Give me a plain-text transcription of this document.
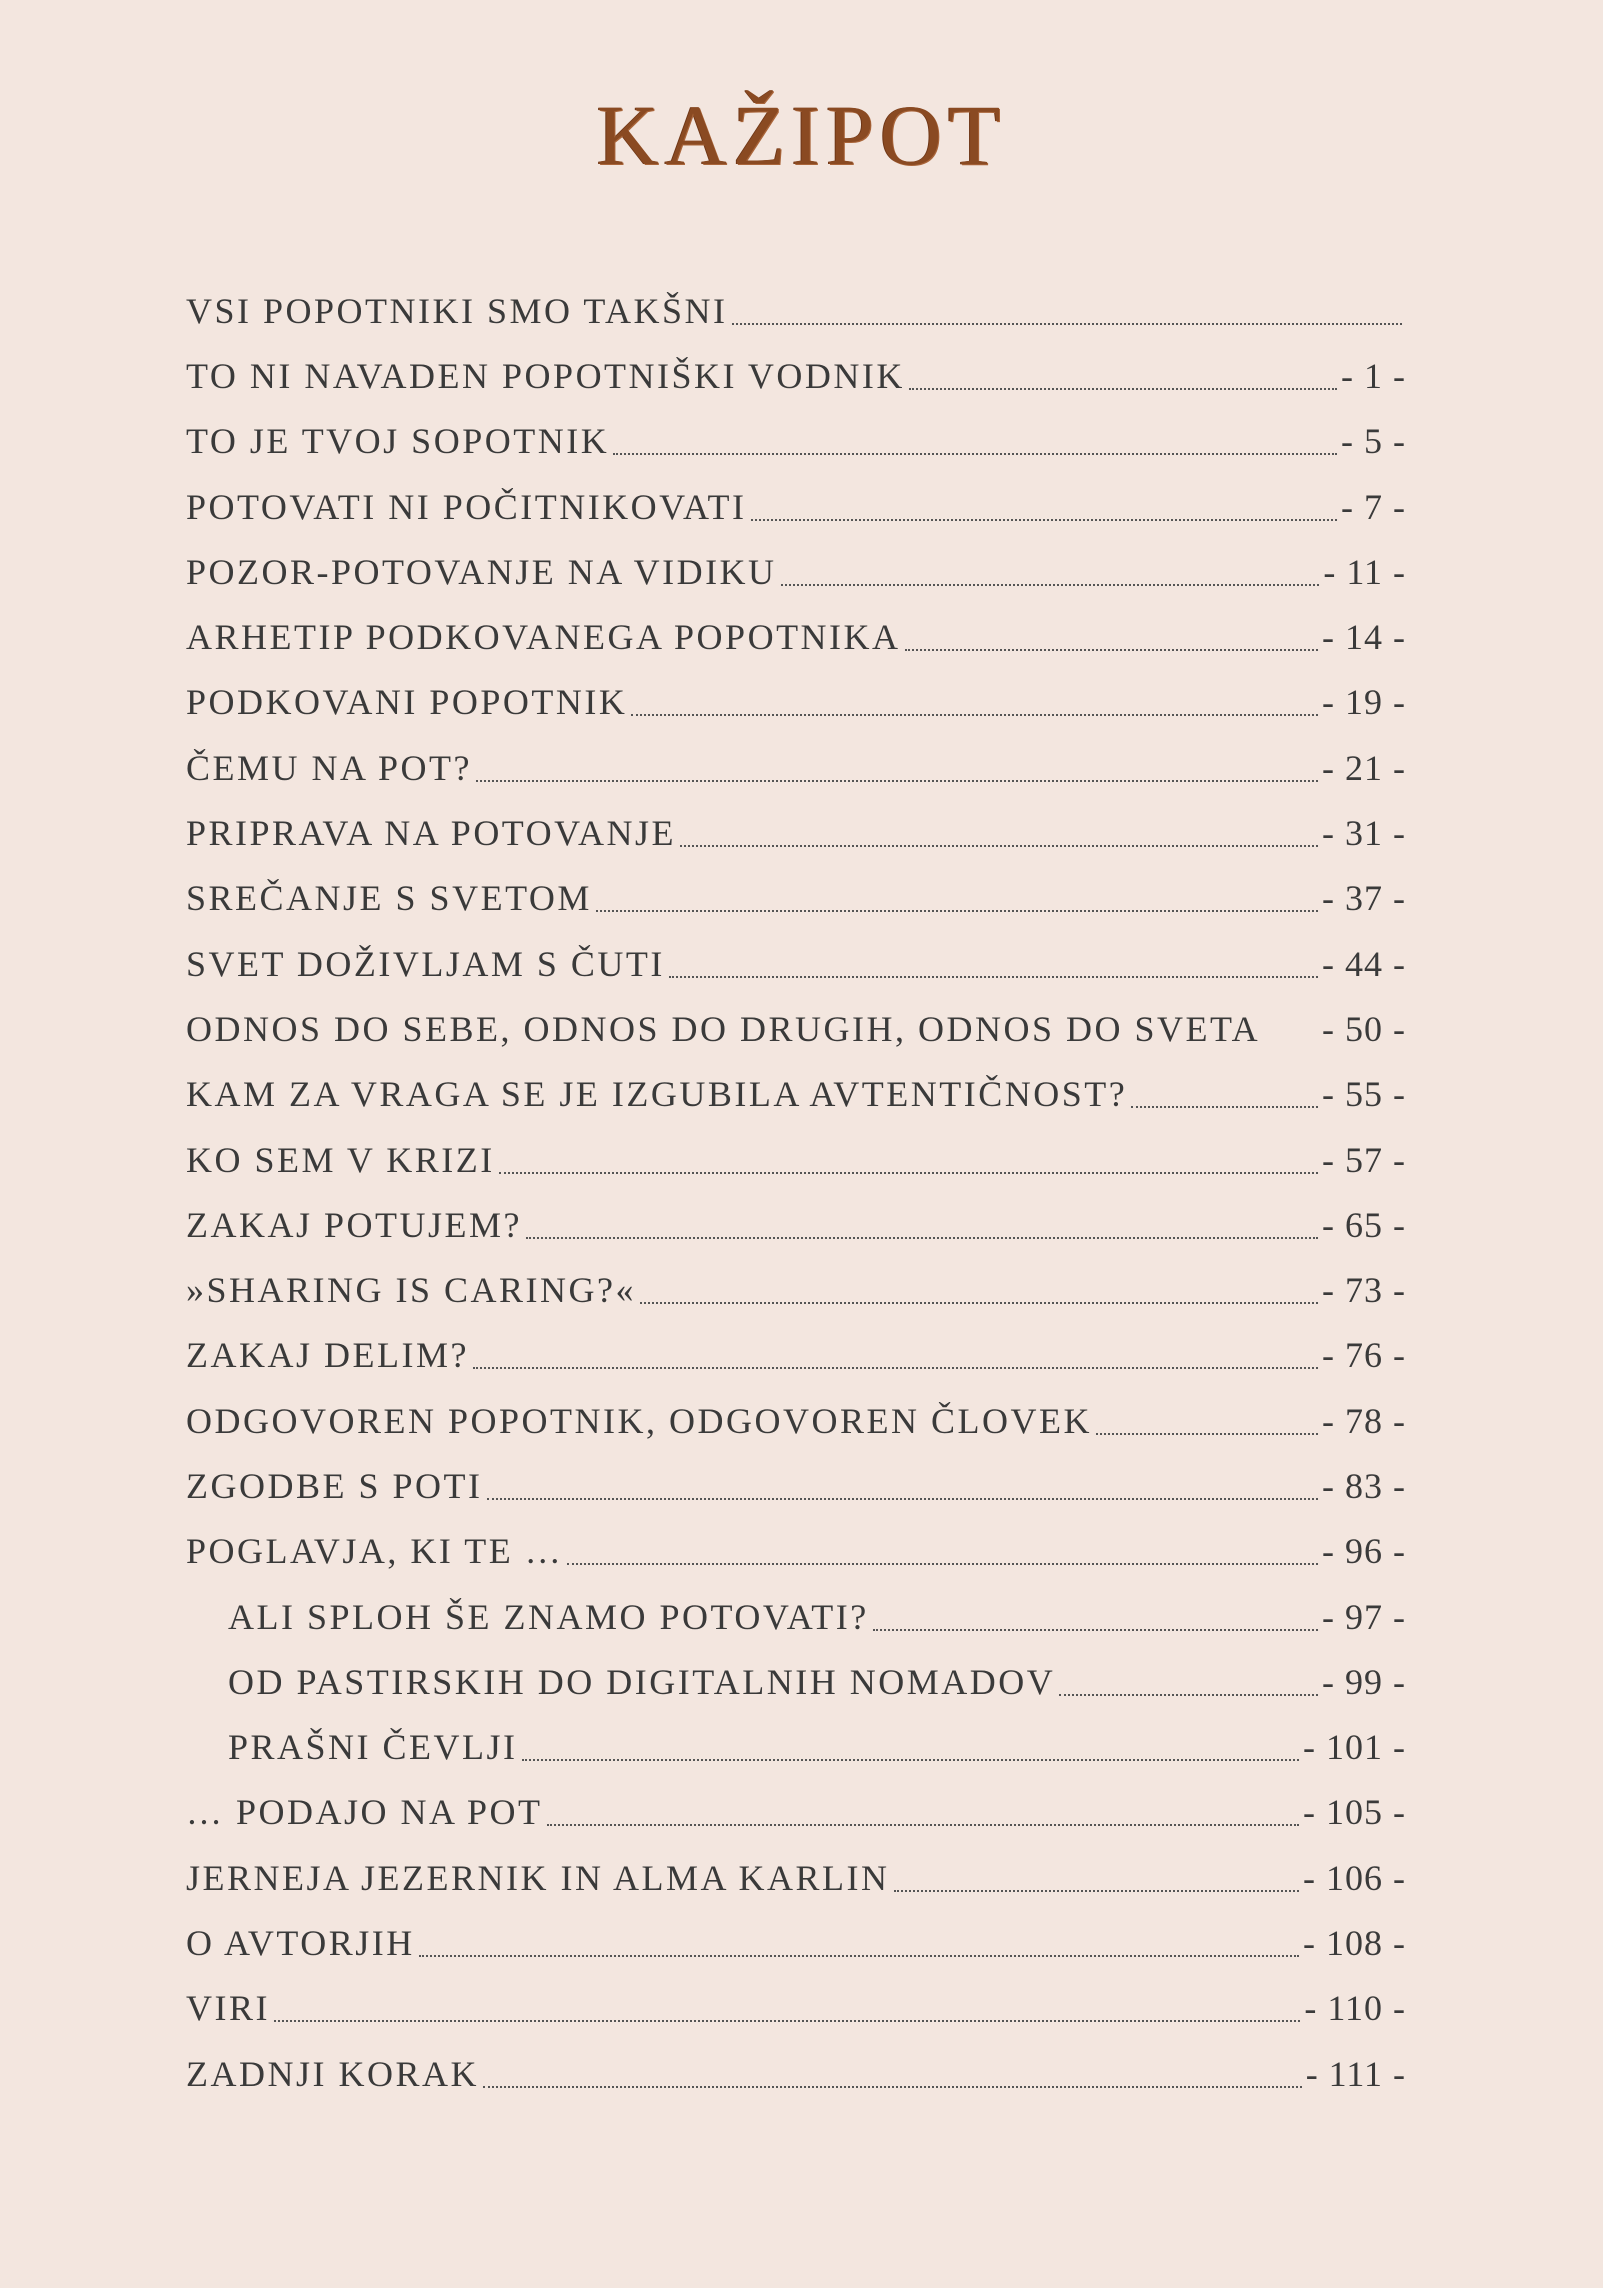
KAŽIPOT
VSI POPOTNIKI SMO TAKŠNI
TO NI NAVADEN POPOTNIŠKI VODNIK	- 1 -
TO JE TVOJ SOPOTNIK	- 5 -
POTOVATI NI POČITNIKOVATI	- 7 -
POZOR-POTOVANJE NA VIDIKU	- 11 -
ARHETIP PODKOVANEGA POPOTNIKA	- 14 -
PODKOVANI POPOTNIK	- 19 -
ČEMU NA POT?	- 21 -
PRIPRAVA NA POTOVANJE	- 31 -
SREČANJE S SVETOM	- 37 -
SVET DOŽIVLJAM S ČUTI	- 44 -
ODNOS DO SEBE, ODNOS DO DRUGIH, ODNOS DO SVETA - 50 -
KAM ZA VRAGA SE JE IZGUBILA AVTENTIČNOST?	- 55 -
KO SEM V KRIZI	- 57 -
ZAKAJ POTUJEM?	- 65 -
»SHARING IS CARING?«	- 73 -
ZAKAJ DELIM?	- 76 -
ODGOVOREN POPOTNIK, ODGOVOREN ČLOVEK	- 78 -
ZGODBE S POTI	- 83 -
POGLAVJA, KI TE …	- 96 -
ALI SPLOH ŠE ZNAMO POTOVATI?	- 97 -
OD PASTIRSKIH DO DIGITALNIH NOMADOV	- 99 -
PRAŠNI ČEVLJI	- 101 -
… PODAJO NA POT	- 105 -
JERNEJA JEZERNIK IN ALMA KARLIN	- 106 -
O AVTORJIH	- 108 -
VIRI	- 110 -
ZADNJI KORAK	- 111 -
